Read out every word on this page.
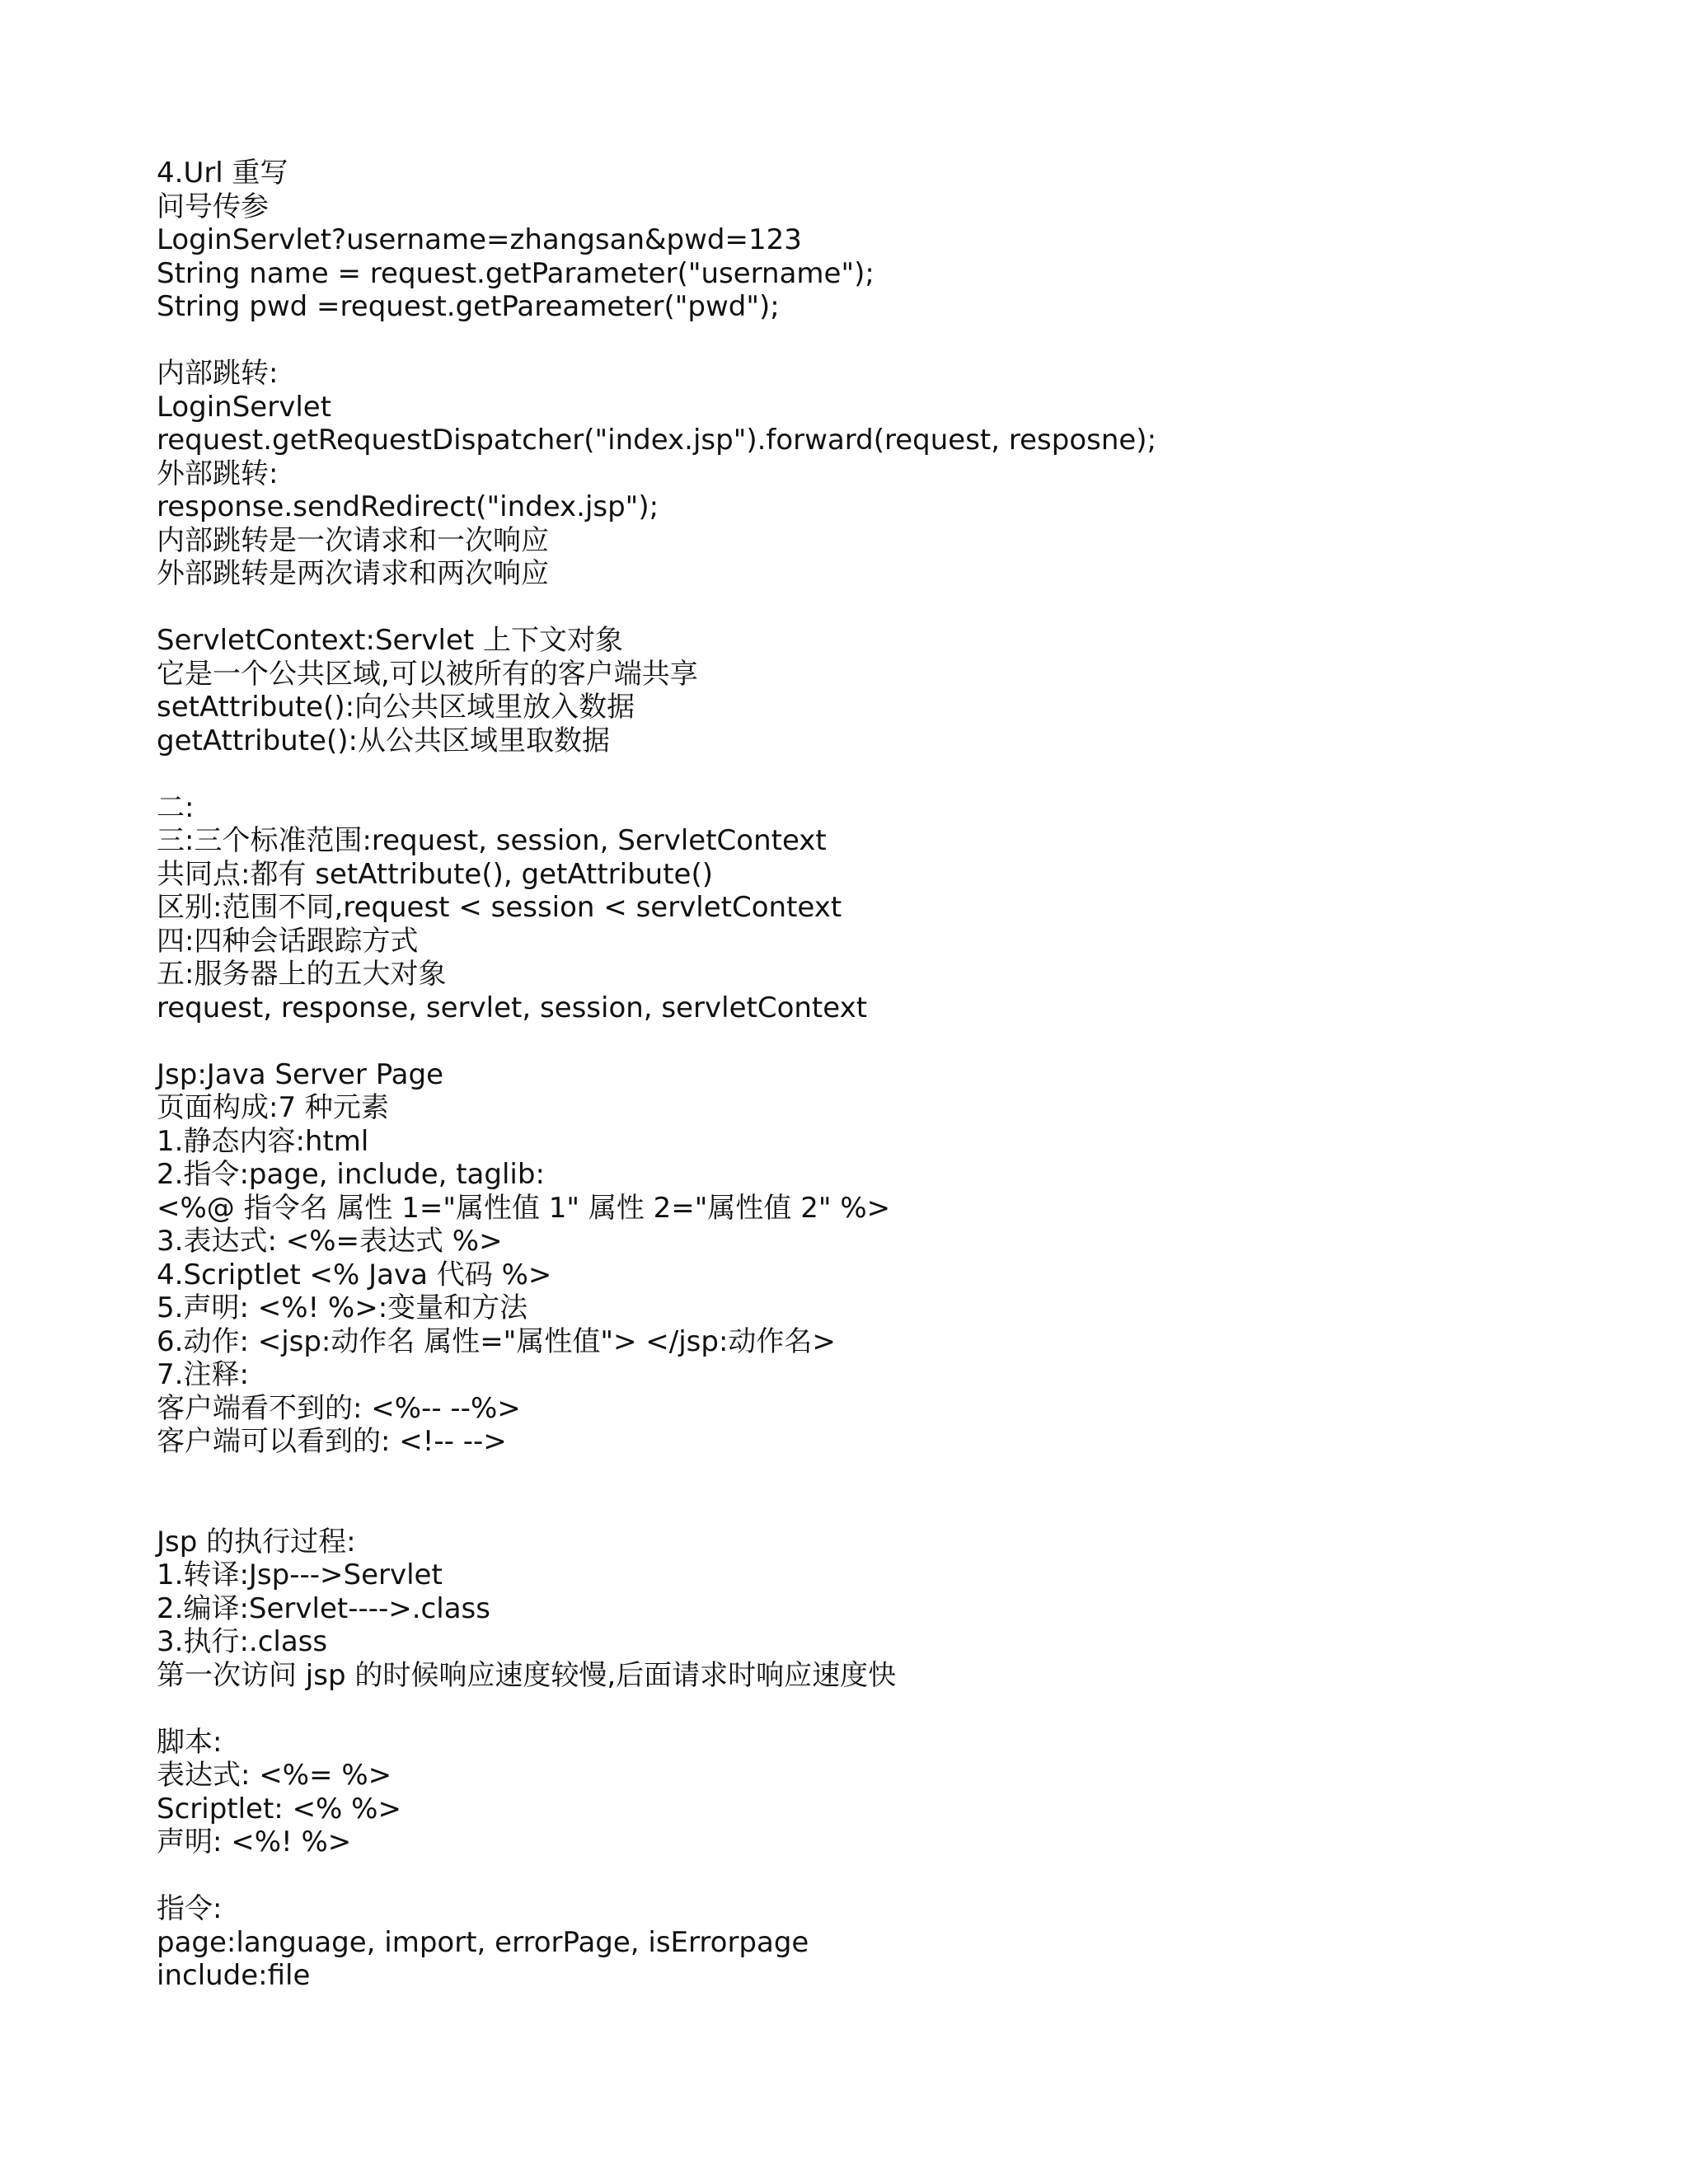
4.Url 重写
问号传参
LoginServlet?username=zhangsan&pwd=123
String name = request.getParameter("username");
String pwd =request.getPareameter("pwd");
内部跳转:
LoginServlet
request.getRequestDispatcher("index.jsp").forward(request, resposne);
外部跳转:
response.sendRedirect("index.jsp");
内部跳转是一次请求和一次响应
外部跳转是两次请求和两次响应
ServletContext:Servlet 上下文对象
它是一个公共区域,可以被所有的客户端共享
setAttribute():向公共区域里放入数据
getAttribute():从公共区域里取数据
二:
三:三个标准范围:request, session, ServletContext
共同点:都有 setAttribute(), getAttribute()
区别:范围不同,request < session < servletContext
四:四种会话跟踪方式
五:服务器上的五大对象
request, response, servlet, session, servletContext
Jsp:Java Server Page
页面构成:7 种元素
1.静态内容:html
2.指令:page, include, taglib:
<%@ 指令名 属性 1="属性值 1" 属性 2="属性值 2" %>
3.表达式: <%=表达式 %>
4.Scriptlet <% Java 代码 %>
5.声明: <%! %>:变量和方法
6.动作: <jsp:动作名 属性="属性值"> </jsp:动作名>
7.注释:
客户端看不到的: <%-- --%>
客户端可以看到的: <!-- -->
Jsp 的执行过程:
1.转译:Jsp--->Servlet
2.编译:Servlet---->.class
3.执行:.class
第一次访问 jsp 的时候响应速度较慢,后面请求时响应速度快
脚本:
表达式: <%= %>
Scriptlet: <% %>
声明: <%! %>
指令:
page:language, import, errorPage, isErrorpage
include:file
